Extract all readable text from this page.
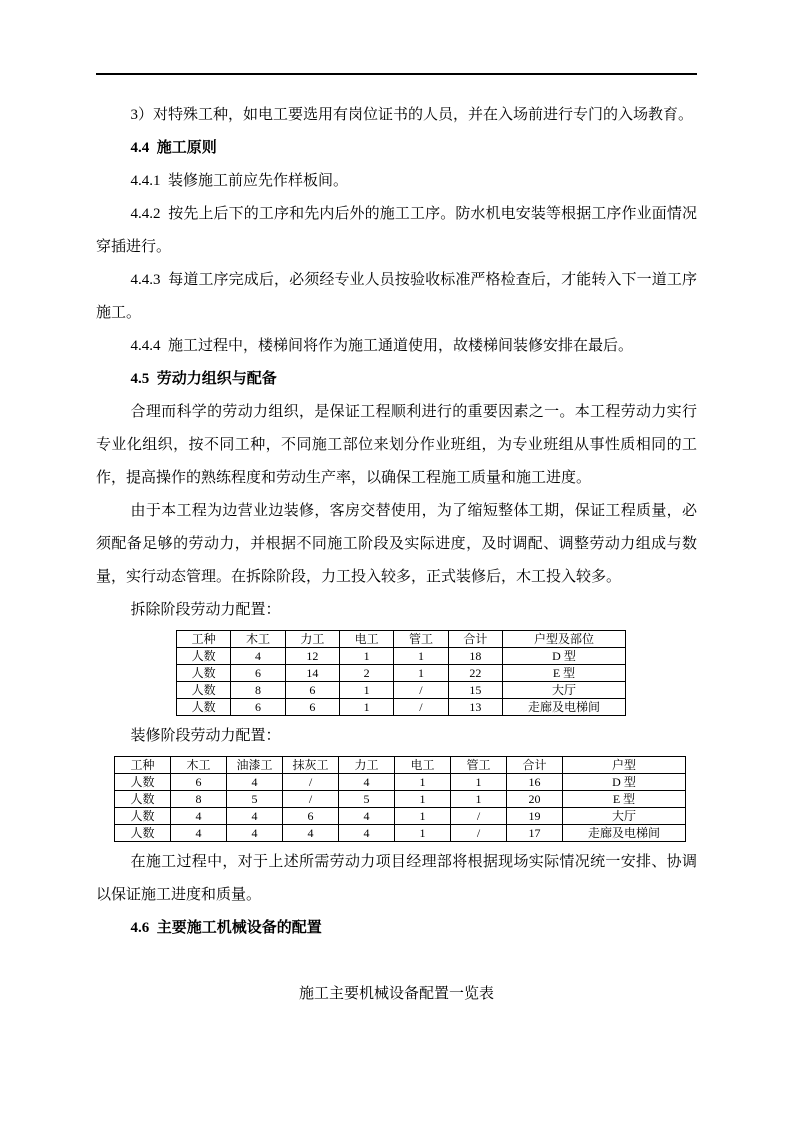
3）对特殊工种，如电工要选用有岗位证书的人员，并在入场前进行专门的入场教育。

4.4  施工原则

4.4.1  装修施工前应先作样板间。

4.4.2  按先上后下的工序和先内后外的施工工序。防水机电安装等根据工序作业面情况穿插进行。

4.4.3  每道工序完成后，必须经专业人员按验收标准严格检查后，才能转入下一道工序施工。

4.4.4  施工过程中，楼梯间将作为施工通道使用，故楼梯间装修安排在最后。

4.5  劳动力组织与配备

合理而科学的劳动力组织，是保证工程顺利进行的重要因素之一。本工程劳动力实行专业化组织，按不同工种，不同施工部位来划分作业班组，为专业班组从事性质相同的工作，提高操作的熟练程度和劳动生产率，以确保工程施工质量和施工进度。

由于本工程为边营业边装修，客房交替使用，为了缩短整体工期，保证工程质量，必须配备足够的劳动力，并根据不同施工阶段及实际进度，及时调配、调整劳动力组成与数量，实行动态管理。在拆除阶段，力工投入较多，正式装修后，木工投入较多。

拆除阶段劳动力配置：

工种	木工	力工	电工	管工	合计	户型及部位
人数	4	12	1	1	18	D 型
人数	6	14	2	1	22	E 型
人数	8	6	1	/	15	大厅
人数	6	6	1	/	13	走廊及电梯间

装修阶段劳动力配置：

工种	木工	油漆工	抹灰工	力工	电工	管工	合计	户型
人数	6	4	/	4	1	1	16	D 型
人数	8	5	/	5	1	1	20	E 型
人数	4	4	6	4	1	/	19	大厅
人数	4	4	4	4	1	/	17	走廊及电梯间

在施工过程中，对于上述所需劳动力项目经理部将根据现场实际情况统一安排、协调以保证施工进度和质量。

4.6  主要施工机械设备的配置

施工主要机械设备配置一览表
